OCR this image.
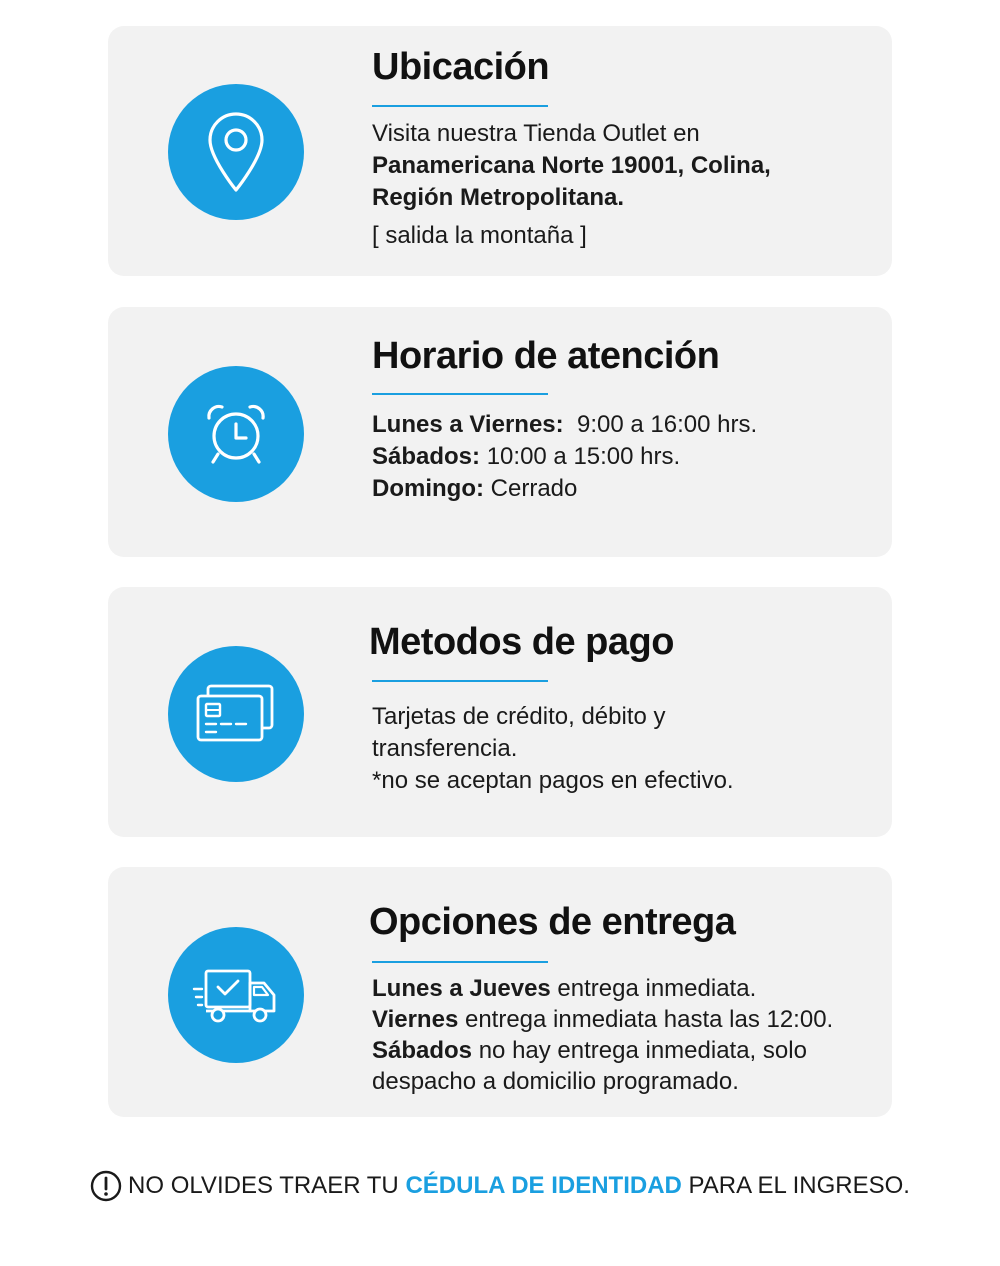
Ubicación
Visita nuestra Tienda Outlet en
Panamericana Norte 19001, Colina,
Región Metropolitana.
[ salida la montaña ]
Horario de atención
Lunes a Viernes:  9:00 a 16:00 hrs.
Sábados: 10:00 a 15:00 hrs.
Domingo: Cerrado
Metodos de pago
Tarjetas de crédito, débito y
transferencia.
*no se aceptan pagos en efectivo.
Opciones de entrega
Lunes a Jueves entrega inmediata.
Viernes entrega inmediata hasta las 12:00.
Sábados no hay entrega inmediata, solo
despacho a domicilio programado.
NO OLVIDES TRAER TU CÉDULA DE IDENTIDAD PARA EL INGRESO.
